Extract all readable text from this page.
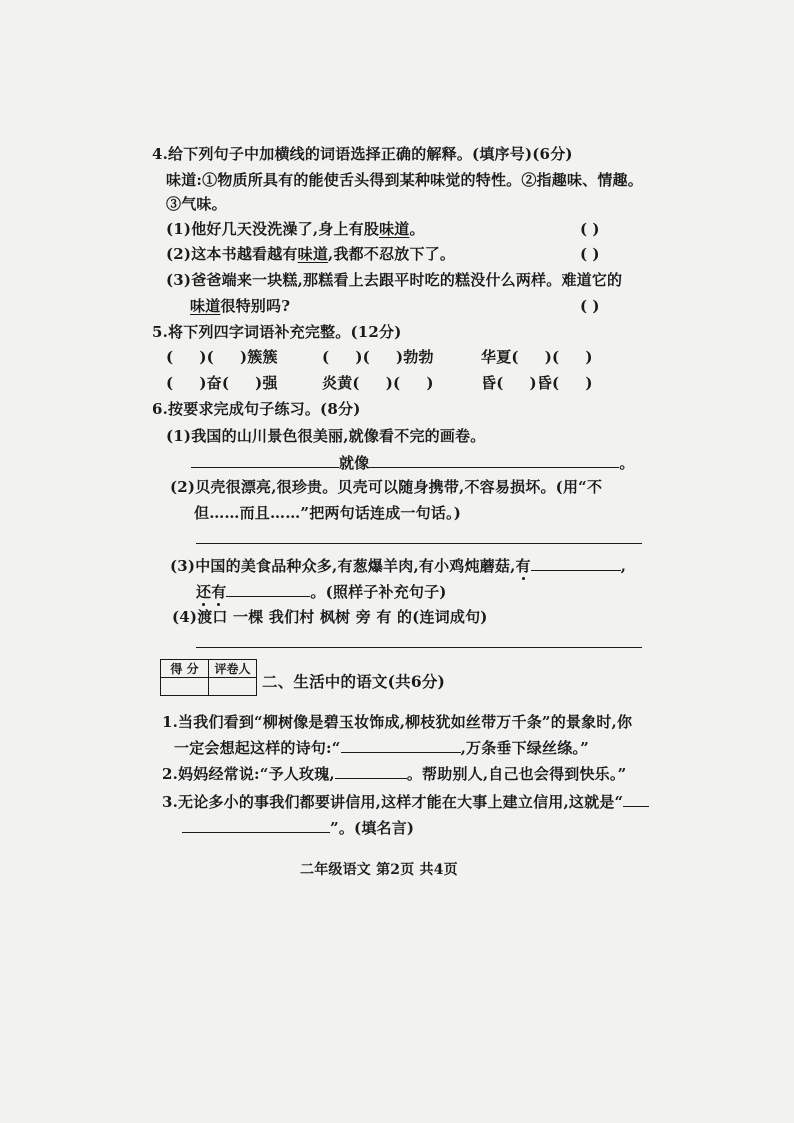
4.给下列句子中加横线的词语选择正确的解释。(填序号)(6分)
味道:①物质所具有的能使舌头得到某种味觉的特性。②指趣味、情趣。
③气味。
(1)他好几天没洗澡了,身上有股味道。	( )
(2)这本书越看越有味道,我都不忍放下了。	( )
(3)爸爸端来一块糕,那糕看上去跟平时吃的糕没什么两样。难道它的
味道很特别吗?	( )
5.将下列四字词语补充完整。(12分)
( )( )簇簇	( )( )勃勃	华夏( )( )
( )奋( )强	炎黄( )( )	昏( )昏( )
6.按要求完成句子练习。(8分)
(1)我国的山川景色很美丽,就像看不完的画卷。
就像	。
(2)贝壳很漂亮,很珍贵。贝壳可以随身携带,不容易损坏。(用“不
但……而且……”把两句话连成一句话。)
(3)中国的美食品种众多,有葱爆羊肉,有小鸡炖蘑菇,有	,
还有	。(照样子补充句子)
(4)渡口 一棵 我们村 枫树 旁 有 的(连词成句)
得 分	评卷人

二、生活中的语文(共6分)
1.当我们看到“柳树像是碧玉妆饰成,柳枝犹如丝带万千条”的景象时,你
一定会想起这样的诗句:“	,万条垂下绿丝绦。”
2.妈妈经常说:“予人玫瑰,	。帮助别人,自己也会得到快乐。”
3.无论多小的事我们都要讲信用,这样才能在大事上建立信用,这就是“
”。(填名言)
二年级语文 第2页 共4页
